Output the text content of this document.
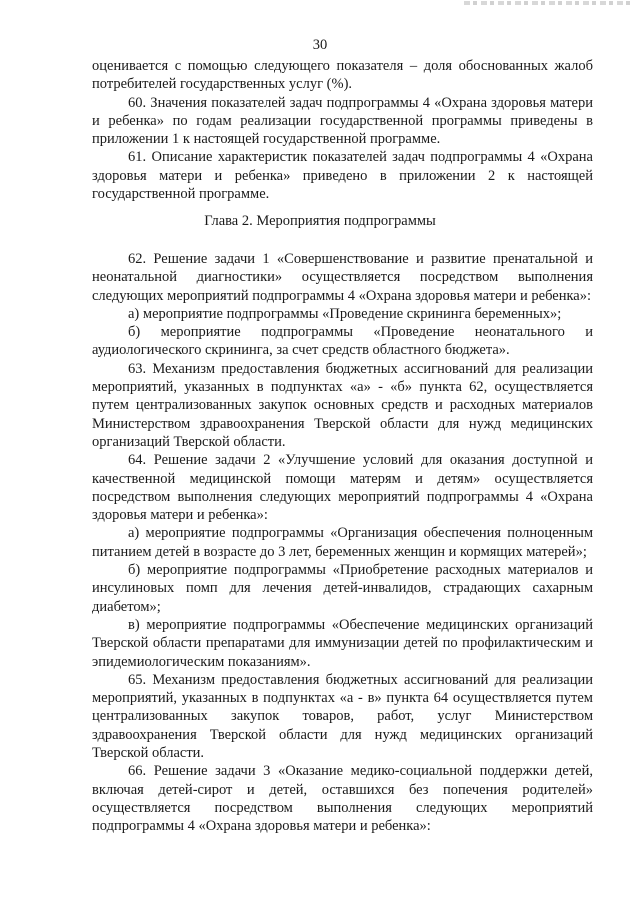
30

оценивается с помощью следующего показателя – доля обоснованных жалоб потребителей государственных услуг (%).

60. Значения показателей задач подпрограммы 4 «Охрана здоровья матери и ребенка» по годам реализации государственной программы приведены в приложении 1 к настоящей государственной программе.

61. Описание характеристик показателей задач подпрограммы 4 «Охрана здоровья матери и ребенка» приведено в приложении 2 к настоящей государственной программе.

Глава 2. Мероприятия подпрограммы

62. Решение задачи 1 «Совершенствование и развитие пренатальной и неонатальной диагностики» осуществляется посредством выполнения следующих мероприятий подпрограммы 4 «Охрана здоровья матери и ребенка»:

а) мероприятие подпрограммы «Проведение скрининга беременных»;

б) мероприятие подпрограммы «Проведение неонатального и аудиологического скрининга, за счет средств областного бюджета».

63. Механизм предоставления бюджетных ассигнований для реализации мероприятий, указанных в подпунктах «а» - «б» пункта 62, осуществляется путем централизованных закупок основных средств и расходных материалов Министерством здравоохранения Тверской области для нужд медицинских организаций Тверской области.

64. Решение задачи 2 «Улучшение условий для оказания доступной и качественной медицинской помощи матерям и детям» осуществляется посредством выполнения следующих мероприятий подпрограммы 4 «Охрана здоровья матери и ребенка»:

а) мероприятие подпрограммы «Организация обеспечения полноценным питанием детей в возрасте до 3 лет, беременных женщин и кормящих матерей»;

б) мероприятие подпрограммы «Приобретение расходных материалов и инсулиновых помп для лечения детей-инвалидов, страдающих сахарным диабетом»;

в) мероприятие подпрограммы «Обеспечение медицинских организаций Тверской области препаратами для иммунизации детей по профилактическим и эпидемиологическим показаниям».

65. Механизм предоставления бюджетных ассигнований для реализации мероприятий, указанных в подпунктах «а - в» пункта 64 осуществляется путем централизованных закупок товаров, работ, услуг Министерством здравоохранения Тверской области для нужд медицинских организаций Тверской области.

66. Решение задачи 3 «Оказание медико-социальной поддержки детей, включая детей-сирот и детей, оставшихся без попечения родителей» осуществляется посредством выполнения следующих мероприятий подпрограммы 4 «Охрана здоровья матери и ребенка»:
